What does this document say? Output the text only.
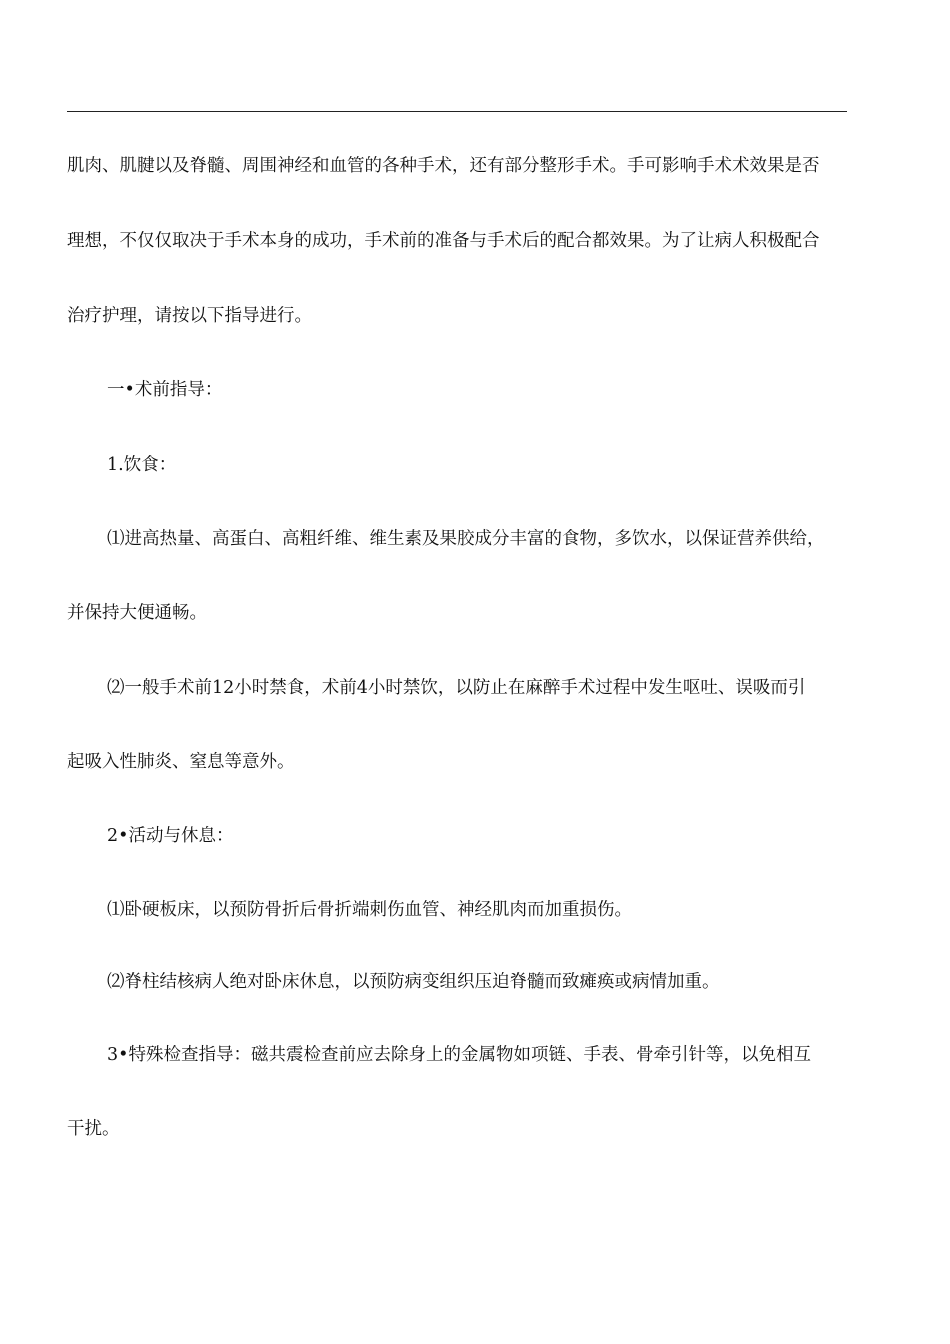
肌肉、肌腱以及脊髓、周围神经和血管的各种手术，还有部分整形手术。手可影响手术术效果是否
理想，不仅仅取决于手术本身的成功，手术前的准备与手术后的配合都效果。为了让病人积极配合
治疗护理，请按以下指导进行。
一•术前指导：
1.饮食：
⑴进高热量、高蛋白、高粗纤维、维生素及果胶成分丰富的食物，多饮水，以保证营养供给，
并保持大便通畅。
⑵一般手术前12小时禁食，术前4小时禁饮，以防止在麻醉手术过程中发生呕吐、误吸而引
起吸入性肺炎、窒息等意外。
2•活动与休息：
⑴卧硬板床，以预防骨折后骨折端刺伤血管、神经肌肉而加重损伤。
⑵脊柱结核病人绝对卧床休息，以预防病变组织压迫脊髓而致瘫痪或病情加重。
3•特殊检查指导：磁共震检查前应去除身上的金属物如项链、手表、骨牵引针等，以免相互
干扰。
